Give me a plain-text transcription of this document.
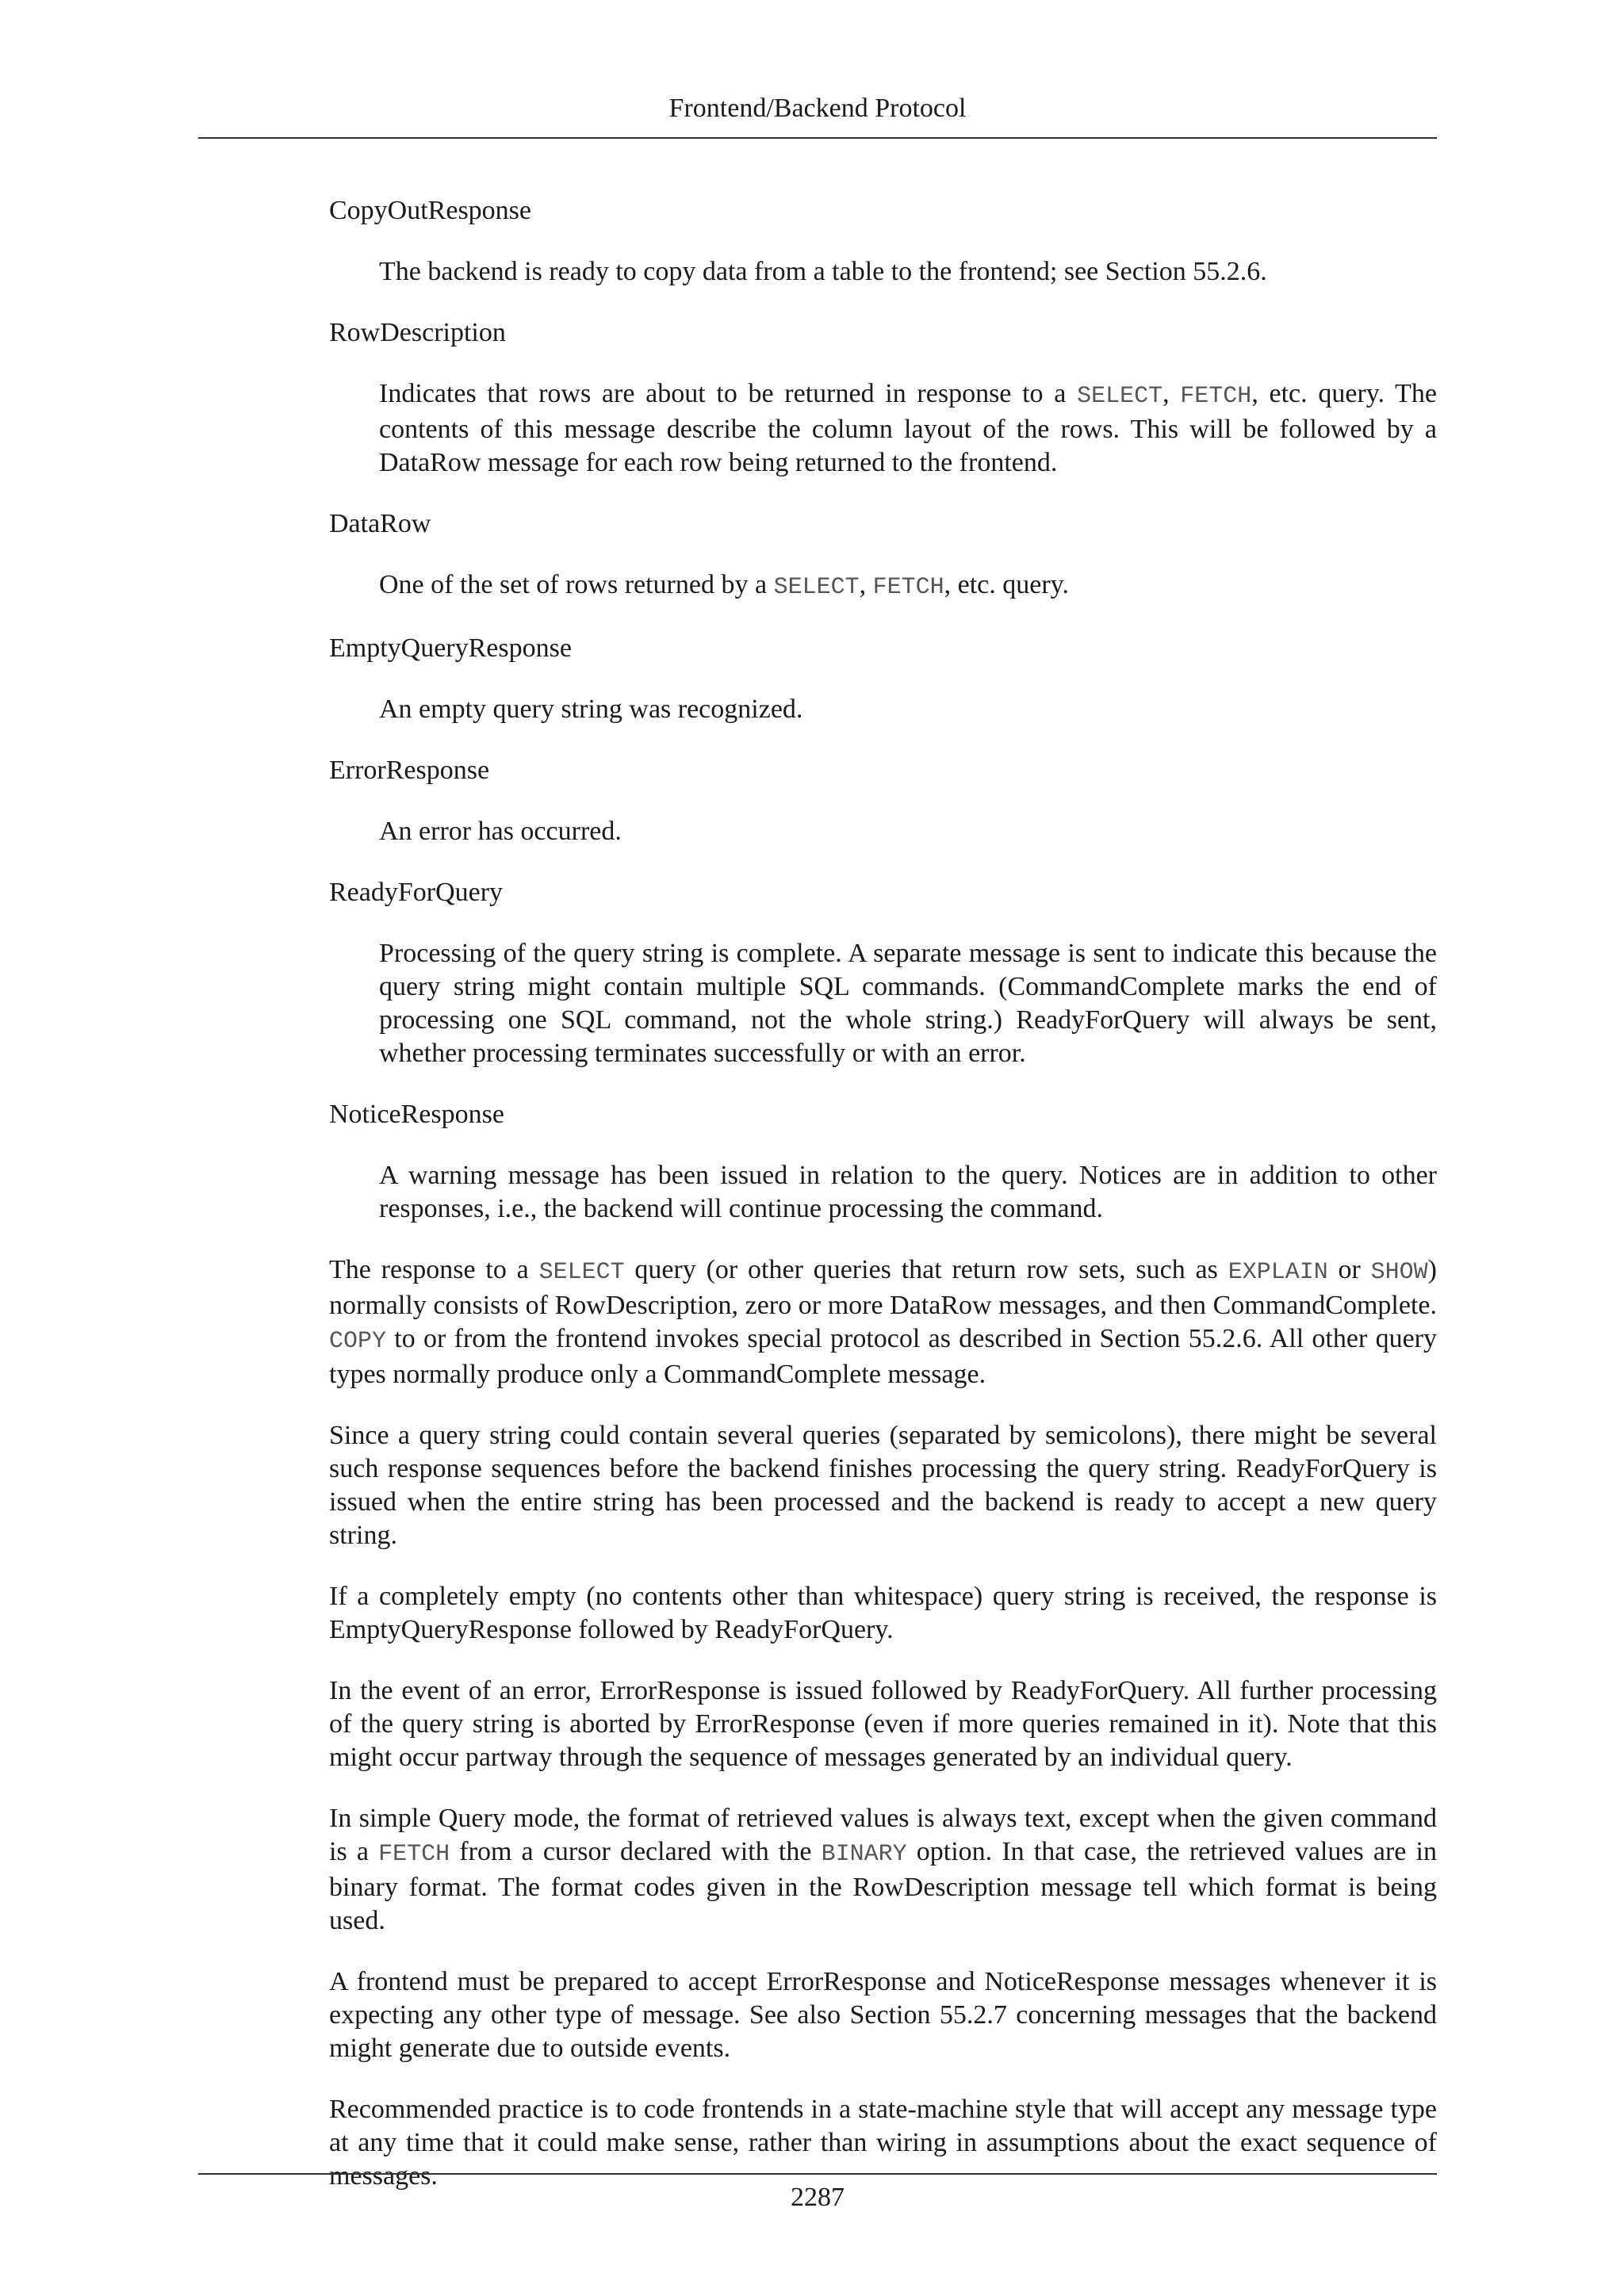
Frontend/Backend Protocol
CopyOutResponse
The backend is ready to copy data from a table to the frontend; see Section 55.2.6.
RowDescription
Indicates that rows are about to be returned in response to a SELECT, FETCH, etc. query. The contents of this message describe the column layout of the rows. This will be followed by a DataRow message for each row being returned to the frontend.
DataRow
One of the set of rows returned by a SELECT, FETCH, etc. query.
EmptyQueryResponse
An empty query string was recognized.
ErrorResponse
An error has occurred.
ReadyForQuery
Processing of the query string is complete. A separate message is sent to indicate this because the query string might contain multiple SQL commands. (CommandComplete marks the end of processing one SQL command, not the whole string.) ReadyForQuery will always be sent, whether processing terminates successfully or with an error.
NoticeResponse
A warning message has been issued in relation to the query. Notices are in addition to other responses, i.e., the backend will continue processing the command.

The response to a SELECT query (or other queries that return row sets, such as EXPLAIN or SHOW) normally consists of RowDescription, zero or more DataRow messages, and then CommandComplete. COPY to or from the frontend invokes special protocol as described in Section 55.2.6. All other query types normally produce only a CommandComplete message.

Since a query string could contain several queries (separated by semicolons), there might be several such response sequences before the backend finishes processing the query string. ReadyForQuery is issued when the entire string has been processed and the backend is ready to accept a new query string.

If a completely empty (no contents other than whitespace) query string is received, the response is EmptyQueryResponse followed by ReadyForQuery.

In the event of an error, ErrorResponse is issued followed by ReadyForQuery. All further processing of the query string is aborted by ErrorResponse (even if more queries remained in it). Note that this might occur partway through the sequence of messages generated by an individual query.

In simple Query mode, the format of retrieved values is always text, except when the given command is a FETCH from a cursor declared with the BINARY option. In that case, the retrieved values are in binary format. The format codes given in the RowDescription message tell which format is being used.

A frontend must be prepared to accept ErrorResponse and NoticeResponse messages whenever it is expecting any other type of message. See also Section 55.2.7 concerning messages that the backend might generate due to outside events.

Recommended practice is to code frontends in a state-machine style that will accept any message type at any time that it could make sense, rather than wiring in assumptions about the exact sequence of messages.

2287
